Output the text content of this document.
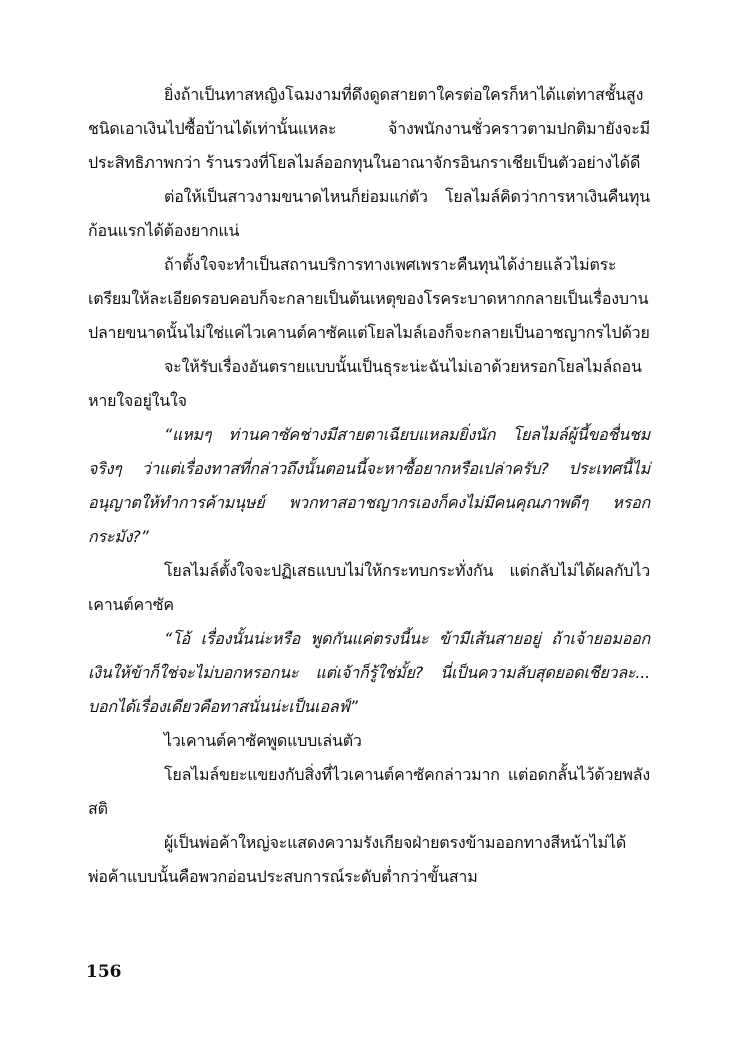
ยิ่งถ้าเป็นทาสหญิงโฉมงามที่ดึงดูดสายตาใครต่อใครก็หาได้แต่ทาสชั้นสูงชนิดเอาเงินไปซื้อบ้านได้เท่านั้นแหละ จ้างพนักงานชั่วคราวตามปกติมายังจะมีประสิทธิภาพกว่า ร้านรวงที่โยลไมล์ออกทุนในอาณาจักรอินกราเชียเป็นตัวอย่างได้ดี

ต่อให้เป็นสาวงามขนาดไหนก็ย่อมแก่ตัว โยลไมล์คิดว่าการหาเงินคืนทุนก้อนแรกได้ต้องยากแน่

ถ้าตั้งใจจะทำเป็นสถานบริการทางเพศเพราะคืนทุนได้ง่ายแล้วไม่ตระเตรียมให้ละเอียดรอบคอบก็จะกลายเป็นต้นเหตุของโรคระบาดหากกลายเป็นเรื่องบานปลายขนาดนั้นไม่ใช่แค่ไวเคานต์คาซัคแต่โยลไมล์เองก็จะกลายเป็นอาชญากรไปด้วย

จะให้รับเรื่องอันตรายแบบนั้นเป็นธุระน่ะฉันไม่เอาด้วยหรอกโยลไมล์ถอนหายใจอยู่ในใจ

“แหมๆ ท่านคาซัคช่างมีสายตาเฉียบแหลมยิ่งนัก โยลไมล์ผู้นี้ขอชื่นชมจริงๆ ว่าแต่เรื่องทาสที่กล่าวถึงนั้นตอนนี้จะหาซื้อยากหรือเปล่าครับ? ประเทศนี้ไม่อนุญาตให้ทำการค้ามนุษย์ พวกทาสอาชญากรเองก็คงไม่มีคนคุณภาพดีๆ หรอกกระมัง?”

โยลไมล์ตั้งใจจะปฏิเสธแบบไม่ให้กระทบกระทั่งกัน แต่กลับไม่ได้ผลกับไวเคานต์คาซัค

“โอ้ เรื่องนั้นน่ะหรือ พูดกันแค่ตรงนี้นะ ข้ามีเส้นสายอยู่ ถ้าเจ้ายอมออกเงินให้ข้าก็ใช่จะไม่บอกหรอกนะ แต่เจ้าก็รู้ใช่มั้ย? นี่เป็นความลับสุดยอดเชียวละ... บอกได้เรื่องเดียวคือทาสนั่นน่ะเป็นเอลฟ์”

ไวเคานต์คาซัคพูดแบบเล่นตัว

โยลไมล์ขยะแขยงกับสิ่งที่ไวเคานต์คาซัคกล่าวมาก แต่อดกลั้นไว้ด้วยพลังสติ

ผู้เป็นพ่อค้าใหญ่จะแสดงความรังเกียจฝ่ายตรงข้ามออกทางสีหน้าไม่ได้ พ่อค้าแบบนั้นคือพวกอ่อนประสบการณ์ระดับต่ำกว่าขั้นสาม

156
